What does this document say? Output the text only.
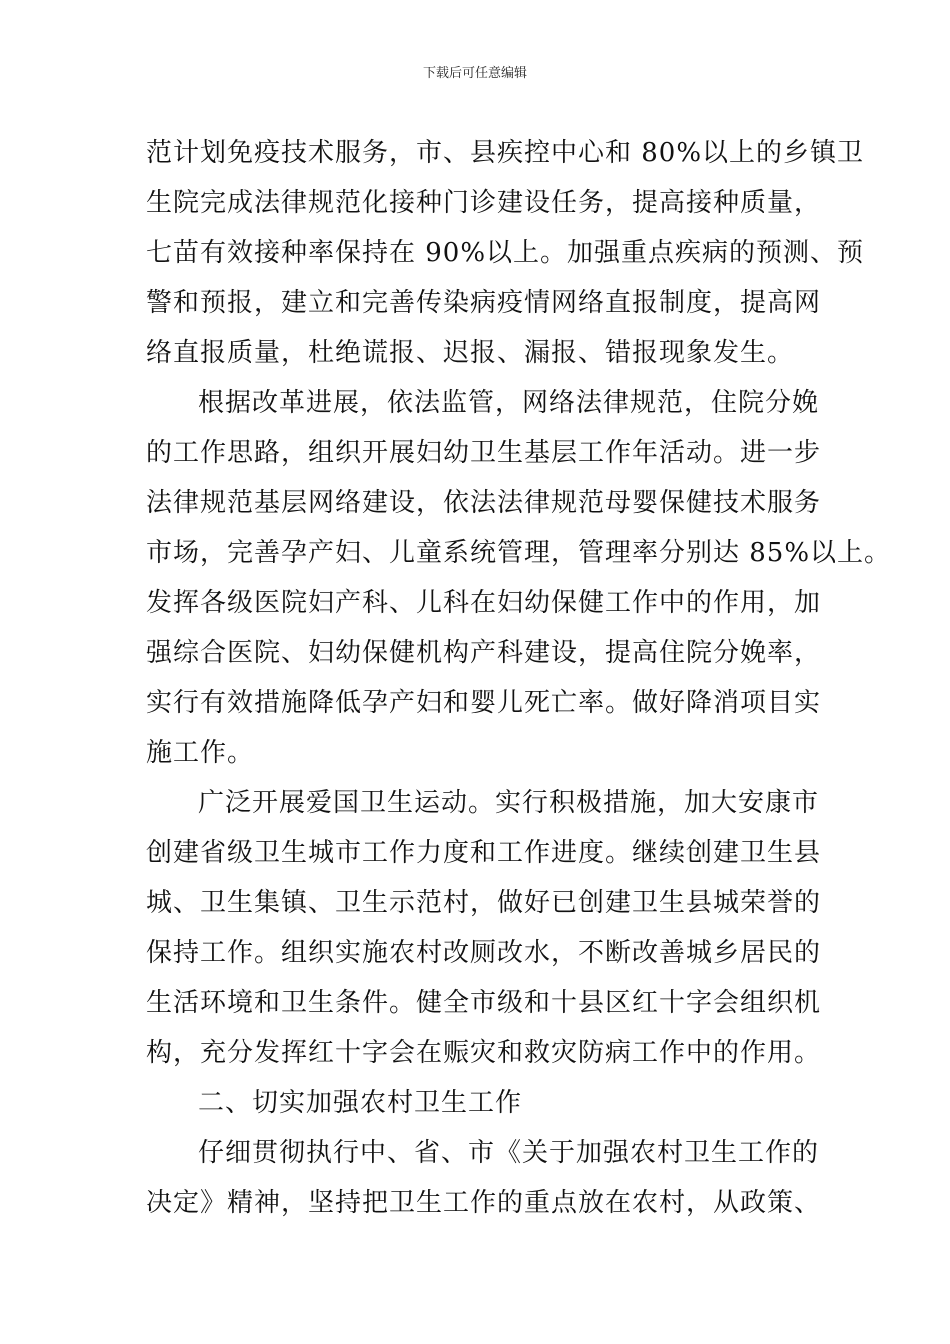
下载后可任意编辑
范计划免疫技术服务，市、县疾控中心和 80%以上的乡镇卫
生院完成法律规范化接种门诊建设任务，提高接种质量，
七苗有效接种率保持在 90%以上。加强重点疾病的预测、预
警和预报，建立和完善传染病疫情网络直报制度，提高网
络直报质量，杜绝谎报、迟报、漏报、错报现象发生。
根据改革进展，依法监管，网络法律规范，住院分娩
的工作思路，组织开展妇幼卫生基层工作年活动。进一步
法律规范基层网络建设，依法法律规范母婴保健技术服务
市场，完善孕产妇、儿童系统管理，管理率分别达 85%以上。
发挥各级医院妇产科、儿科在妇幼保健工作中的作用，加
强综合医院、妇幼保健机构产科建设，提高住院分娩率，
实行有效措施降低孕产妇和婴儿死亡率。做好降消项目实
施工作。
广泛开展爱国卫生运动。实行积极措施，加大安康市
创建省级卫生城市工作力度和工作进度。继续创建卫生县
城、卫生集镇、卫生示范村，做好已创建卫生县城荣誉的
保持工作。组织实施农村改厕改水，不断改善城乡居民的
生活环境和卫生条件。健全市级和十县区红十字会组织机
构，充分发挥红十字会在赈灾和救灾防病工作中的作用。
二、切实加强农村卫生工作
仔细贯彻执行中、省、市《关于加强农村卫生工作的
决定》精神，坚持把卫生工作的重点放在农村，从政策、
